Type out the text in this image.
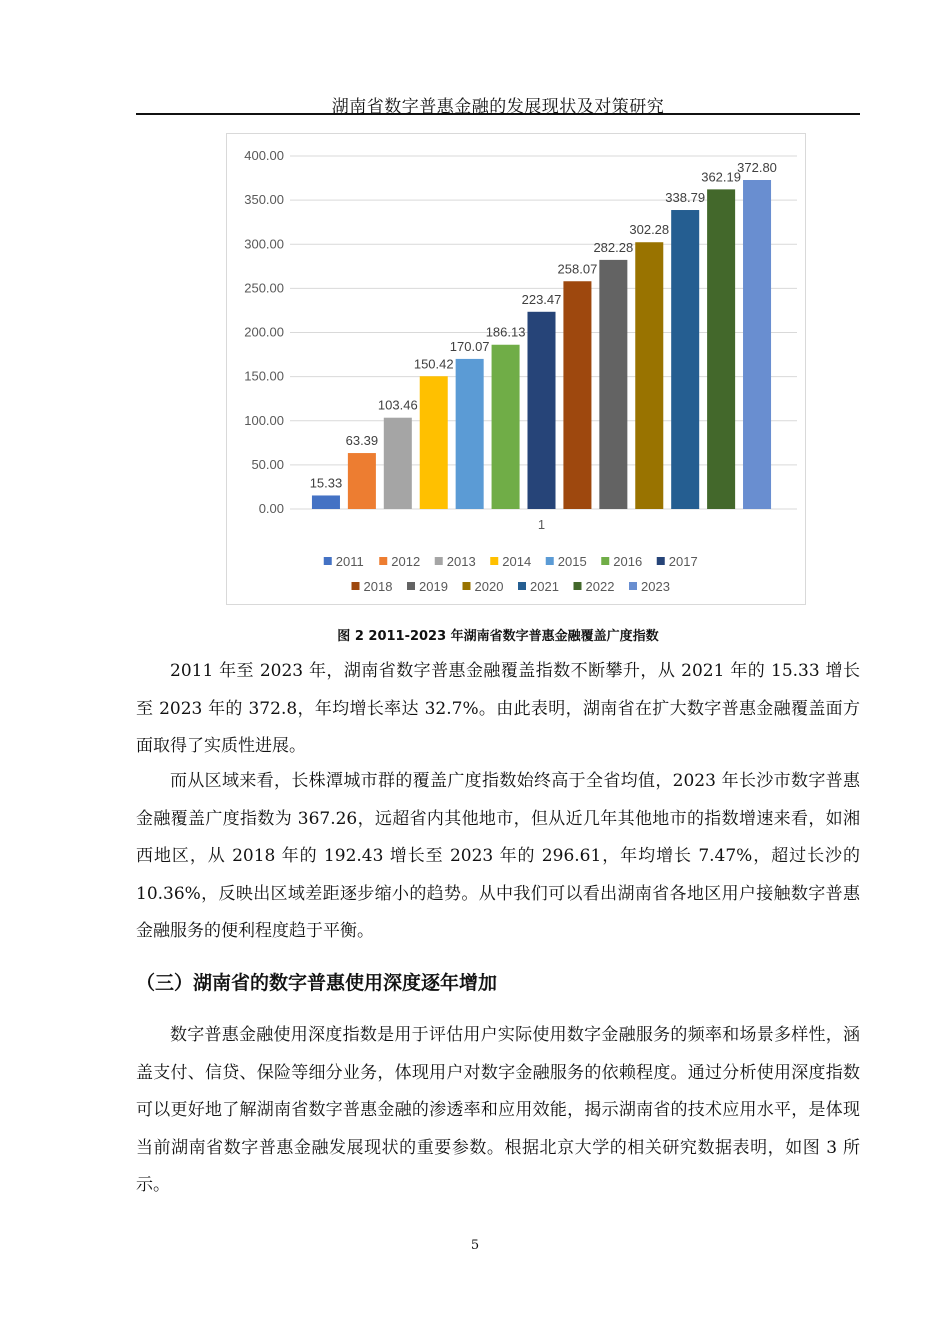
湖南省数字普惠金融的发展现状及对策研究
0.00
50.00
100.00
150.00
200.00
250.00
300.00
350.00
400.00
15.33
63.39
103.46
150.42
170.07
186.13
223.47
258.07
282.28
302.28
338.79
362.19
372.80
1
2011 2012 2013 2014 2015 2016 2017
2018 2019 2020 2021 2022 2023
图 2 2011-2023 年湖南省数字普惠金融覆盖广度指数

2011 年至 2023 年，湖南省数字普惠金融覆盖指数不断攀升，从 2021 年的 15.33 增长至 2023 年的 372.8，年均增长率达 32.7%。由此表明，湖南省在扩大数字普惠金融覆盖面方面取得了实质性进展。

而从区域来看，长株潭城市群的覆盖广度指数始终高于全省均值，2023 年长沙市数字普惠金融覆盖广度指数为 367.26，远超省内其他地市，但从近几年其他地市的指数增速来看，如湘西地区，从 2018 年的 192.43 增长至 2023 年的 296.61，年均增长 7.47%，超过长沙的 10.36%，反映出区域差距逐步缩小的趋势。从中我们可以看出湖南省各地区用户接触数字普惠金融服务的便利程度趋于平衡。

（三）湖南省的数字普惠使用深度逐年增加

数字普惠金融使用深度指数是用于评估用户实际使用数字金融服务的频率和场景多样性，涵盖支付、信贷、保险等细分业务，体现用户对数字金融服务的依赖程度。通过分析使用深度指数可以更好地了解湖南省数字普惠金融的渗透率和应用效能，揭示湖南省的技术应用水平，是体现当前湖南省数字普惠金融发展现状的重要参数。根据北京大学的相关研究数据表明，如图 3 所示。

5
